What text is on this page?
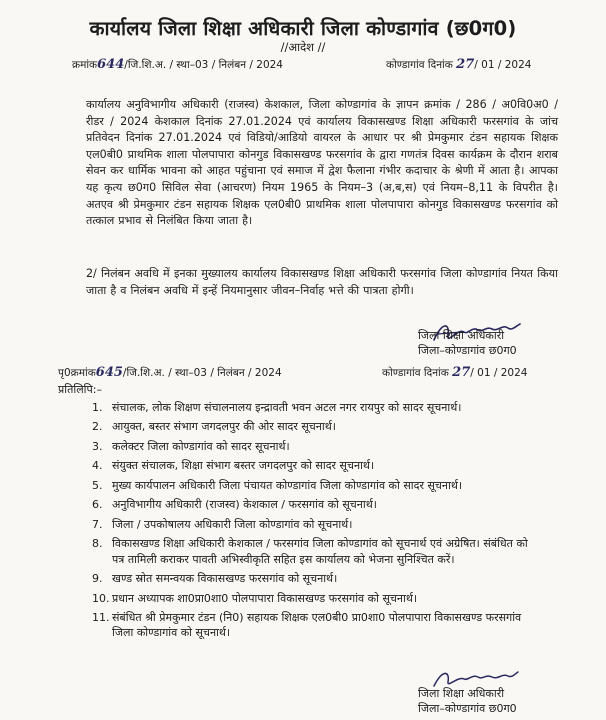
कार्यालय जिला शिक्षा अधिकारी जिला कोण्डागांव (छ0ग0)
//आदेश //
क्रमांक644/जि.शि.अ. / स्था–03 / निलंबन / 2024	कोण्डागांव दिनांक 27/ 01 / 2024
कार्यालय अनुविभागीय अधिकारी (राजस्व) केशकाल, जिला कोण्डागांव के ज्ञापन क्रमांक / 286 / अ0वि0अ0 / रीडर / 2024 केशकाल दिनांक 27.01.2024 एवं कार्यालय विकासखण्ड शिक्षा अधिकारी फरसगांव के जांच प्रतिवेदन दिनांक 27.01.2024 एवं विडियो/आडियो वायरल के आधार पर श्री प्रेमकुमार टंडन सहायक शिक्षक एल0बी0 प्राथमिक शाला पोलपापारा कोनगुड विकासखण्ड फरसगांव के द्वारा गणतंत्र दिवस कार्यक्रम के दौरान शराब सेवन कर धार्मिक भावना को आहत पहुंचाना एवं समाज में द्वेश फैलाना गंभीर कदाचार के श्रेणी में आता है। आपका यह कृत्य छ0ग0 सिविल सेवा (आचरण) नियम 1965 के नियम–3 (अ,ब,स) एवं नियम–8,11 के विपरीत है। अतएव श्री प्रेमकुमार टंडन सहायक शिक्षक एल0बी0 प्राथमिक शाला पोलपापारा कोनगुड विकासखण्ड फरसगांव को तत्काल प्रभाव से निलंबित किया जाता है।
2/ निलंबन अवधि में इनका मुख्यालय कार्यालय विकासखण्ड शिक्षा अधिकारी फरसगांव जिला कोण्डागांव नियत किया जाता है व निलंबन अवधि में इन्हें नियमानुसार जीवन–निर्वाह भत्ते की पात्रता होगी।
जिला शिक्षा अधिकारी
जिला–कोण्डागांव छ0ग0
पृ0क्रमांक645/जि.शि.अ. / स्था–03 / निलंबन / 2024	कोण्डागांव दिनांक 27/ 01 / 2024
प्रतिलिपि:–
1. संचालक, लोक शिक्षण संचालनालय इन्द्रावती भवन अटल नगर रायपुर को सादर सूचनार्थ।
2. आयुक्त, बस्तर संभाग जगदलपुर की ओर सादर सूचनार्थ।
3. कलेक्टर जिला कोण्डागांव को सादर सूचनार्थ।
4. संयुक्त संचालक, शिक्षा संभाग बस्तर जगदलपुर को सादर सूचनार्थ।
5. मुख्य कार्यपालन अधिकारी जिला पंचायत कोण्डागांव जिला कोण्डागांव को सादर सूचनार्थ।
6. अनुविभागीय अधिकारी (राजस्व) केशकाल / फरसगांव को सूचनार्थ।
7. जिला / उपकोषालय अधिकारी जिला कोण्डागांव को सूचनार्थ।
8. विकासखण्ड शिक्षा अधिकारी केशकाल / फरसगांव जिला कोण्डागांव को सूचनार्थ एवं अग्रेषित। संबंधित को पत्र तामिली कराकर पावती अभिस्वीकृति सहित इस कार्यालय को भेजना सुनिश्चित करें।
9. खण्ड स्रोत समन्वयक विकासखण्ड फरसगांव को सूचनार्थ।
10. प्रधान अध्यापक शा0प्रा0शा0 पोलपापारा विकासखण्ड फरसगांव को सूचनार्थ।
11. संबंधित श्री प्रेमकुमार टंडन (नि0) सहायक शिक्षक एल0बी0 प्रा0शा0 पोलपापारा विकासखण्ड फरसगांव जिला कोण्डागांव को सूचनार्थ।
जिला शिक्षा अधिकारी
जिला–कोण्डागांव छ0ग0
